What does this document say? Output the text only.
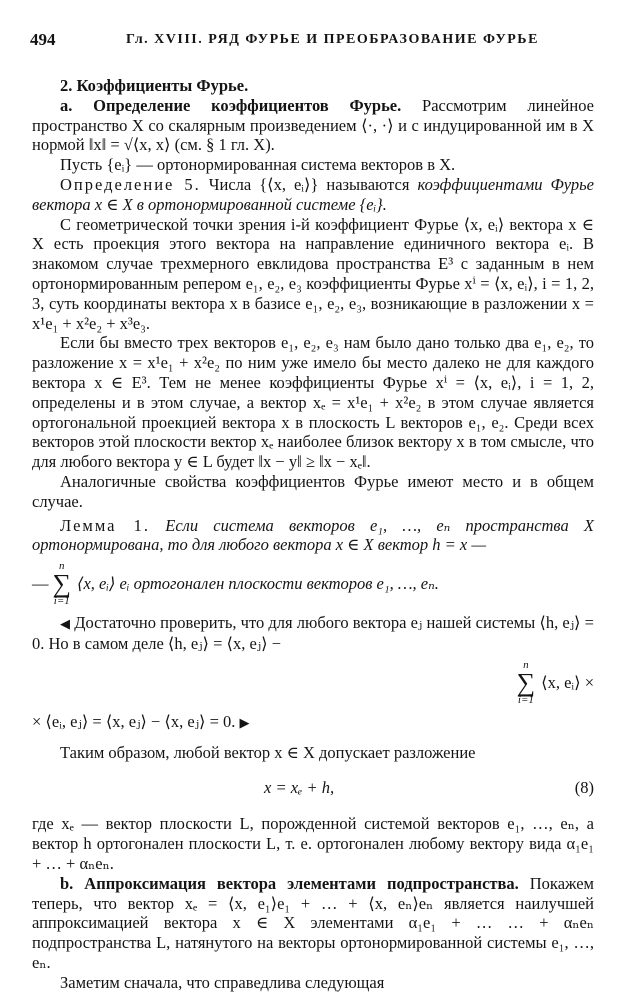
494	Гл. XVIII. РЯД ФУРЬЕ И ПРЕОБРАЗОВАНИЕ ФУРЬЕ

2. Коэффициенты Фурье.

a. Определение коэффициентов Фурье. Рассмотрим линейное пространство X со скалярным произведением ⟨·, ·⟩ и с индуцированной им в X нормой ‖x‖ = √⟨x, x⟩ (см. § 1 гл. X).

Пусть {eᵢ} — ортонормированная система векторов в X.

Определение 5. Числа {⟨x, eᵢ⟩} называются коэффициентами Фурье вектора x ∈ X в ортонормированной системе {eᵢ}.

С геометрической точки зрения i-й коэффициент Фурье ⟨x, eᵢ⟩ вектора x ∈ X есть проекция этого вектора на направление единичного вектора eᵢ. В знакомом случае трехмерного евклидова пространства E³ с заданным в нем ортонормированным репером e₁, e₂, e₃ коэффициенты Фурье xⁱ = ⟨x, eᵢ⟩, i = 1, 2, 3, суть координаты вектора x в базисе e₁, e₂, e₃, возникающие в разложении x = x¹e₁ + x²e₂ + x³e₃.

Если бы вместо трех векторов e₁, e₂, e₃ нам было дано только два e₁, e₂, то разложение x = x¹e₁ + x²e₂ по ним уже имело бы место далеко не для каждого вектора x ∈ E³. Тем не менее коэффициенты Фурье xⁱ = ⟨x, eᵢ⟩, i = 1, 2, определены и в этом случае, а вектор xₑ = x¹e₁ + x²e₂ в этом случае является ортогональной проекцией вектора x в плоскость L векторов e₁, e₂. Среди всех векторов этой плоскости вектор xₑ наиболее близок вектору x в том смысле, что для любого вектора y ∈ L будет ‖x − y‖ ≥ ‖x − xₑ‖.

Аналогичные свойства коэффициентов Фурье имеют место и в общем случае.

Лемма 1. Если система векторов e₁, …, eₙ пространства X ортонормирована, то для любого вектора x ∈ X вектор h = x —

—
n
∑
i=1
⟨x, eᵢ⟩ eᵢ ортогонален плоскости векторов e₁, …, eₙ.

◀ Достаточно проверить, что для любого вектора eⱼ нашей системы ⟨h, eⱼ⟩ = 0. Но в самом деле ⟨h, eⱼ⟩ = ⟨x, eⱼ⟩ −

n
∑
i=1
⟨x, eᵢ⟩ ×

× ⟨eᵢ, eⱼ⟩ = ⟨x, eⱼ⟩ − ⟨x, eⱼ⟩ = 0. ▶

Таким образом, любой вектор x ∈ X допускает разложение

x = xₑ + h,	(8)

где xₑ — вектор плоскости L, порожденной системой векторов e₁, …, eₙ, а вектор h ортогонален плоскости L, т. е. ортогонален любому вектору вида α₁e₁ + … + αₙeₙ.

b. Аппроксимация вектора элементами подпространства. Покажем теперь, что вектор xₑ = ⟨x, e₁⟩e₁ + … + ⟨x, eₙ⟩eₙ является наилучшей аппроксимацией вектора x ∈ X элементами α₁e₁ + … … + αₙeₙ подпространства L, натянутого на векторы ортонормированной системы e₁, …, eₙ.

Заметим сначала, что справедлива следующая
